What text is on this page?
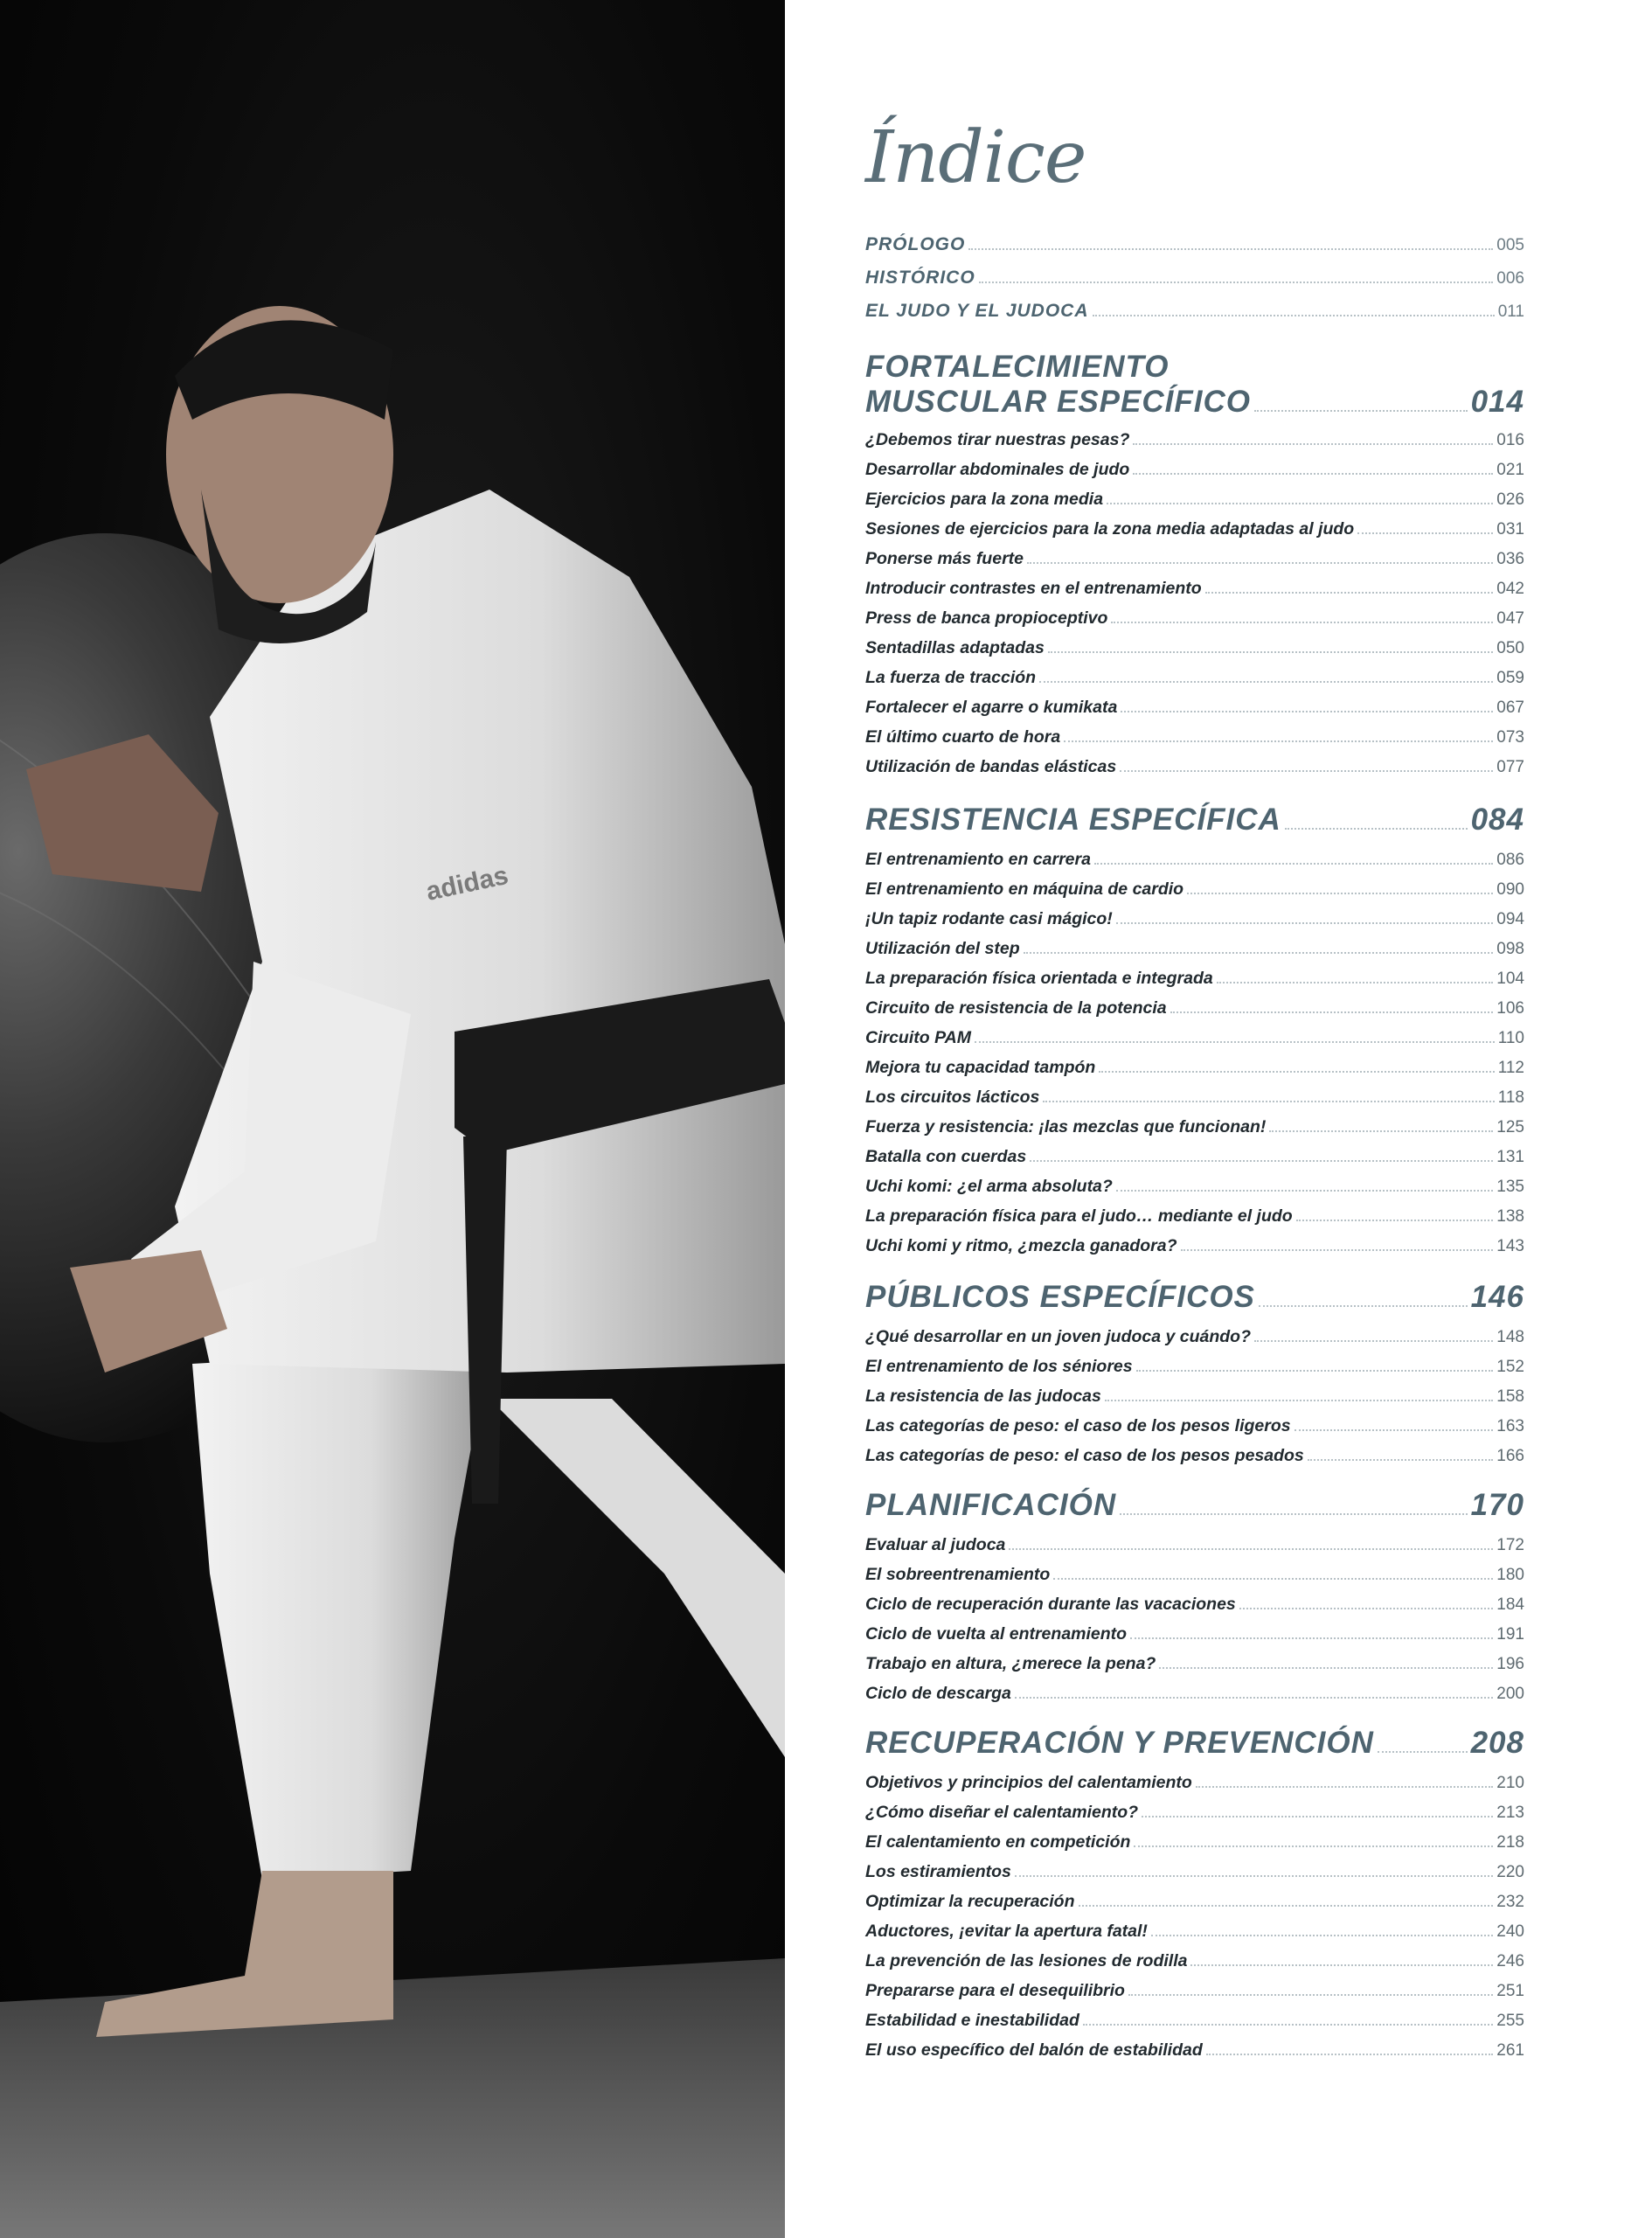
adidas
Índice
PRÓLOGO	005
HISTÓRICO	006
EL JUDO Y EL JUDOCA	011
FORTALECIMIENTO
MUSCULAR ESPECÍFICO	014
¿Debemos tirar nuestras pesas?	016
Desarrollar abdominales de judo	021
Ejercicios para la zona media	026
Sesiones de ejercicios para la zona media adaptadas al judo	031
Ponerse más fuerte	036
Introducir contrastes en el entrenamiento	042
Press de banca propioceptivo	047
Sentadillas adaptadas	050
La fuerza de tracción	059
Fortalecer el agarre o kumikata	067
El último cuarto de hora	073
Utilización de bandas elásticas	077
RESISTENCIA ESPECÍFICA	084
El entrenamiento en carrera	086
El entrenamiento en máquina de cardio	090
¡Un tapiz rodante casi mágico!	094
Utilización del step	098
La preparación física orientada e integrada	104
Circuito de resistencia de la potencia	106
Circuito PAM	110
Mejora tu capacidad tampón	112
Los circuitos lácticos	118
Fuerza y resistencia: ¡las mezclas que funcionan!	125
Batalla con cuerdas	131
Uchi komi: ¿el arma absoluta?	135
La preparación física para el judo… mediante el judo	138
Uchi komi y ritmo, ¿mezcla ganadora?	143
PÚBLICOS ESPECÍFICOS	146
¿Qué desarrollar en un joven judoca y cuándo?	148
El entrenamiento de los séniores	152
La resistencia de las judocas	158
Las categorías de peso: el caso de los pesos ligeros	163
Las categorías de peso: el caso de los pesos pesados	166
PLANIFICACIÓN	170
Evaluar al judoca	172
El sobreentrenamiento	180
Ciclo de recuperación durante las vacaciones	184
Ciclo de vuelta al entrenamiento	191
Trabajo en altura, ¿merece la pena?	196
Ciclo de descarga	200
RECUPERACIÓN Y PREVENCIÓN	208
Objetivos y principios del calentamiento	210
¿Cómo diseñar el calentamiento?	213
El calentamiento en competición	218
Los estiramientos	220
Optimizar la recuperación	232
Aductores, ¡evitar la apertura fatal!	240
La prevención de las lesiones de rodilla	246
Prepararse para el desequilibrio	251
Estabilidad e inestabilidad	255
El uso específico del balón de estabilidad	261
